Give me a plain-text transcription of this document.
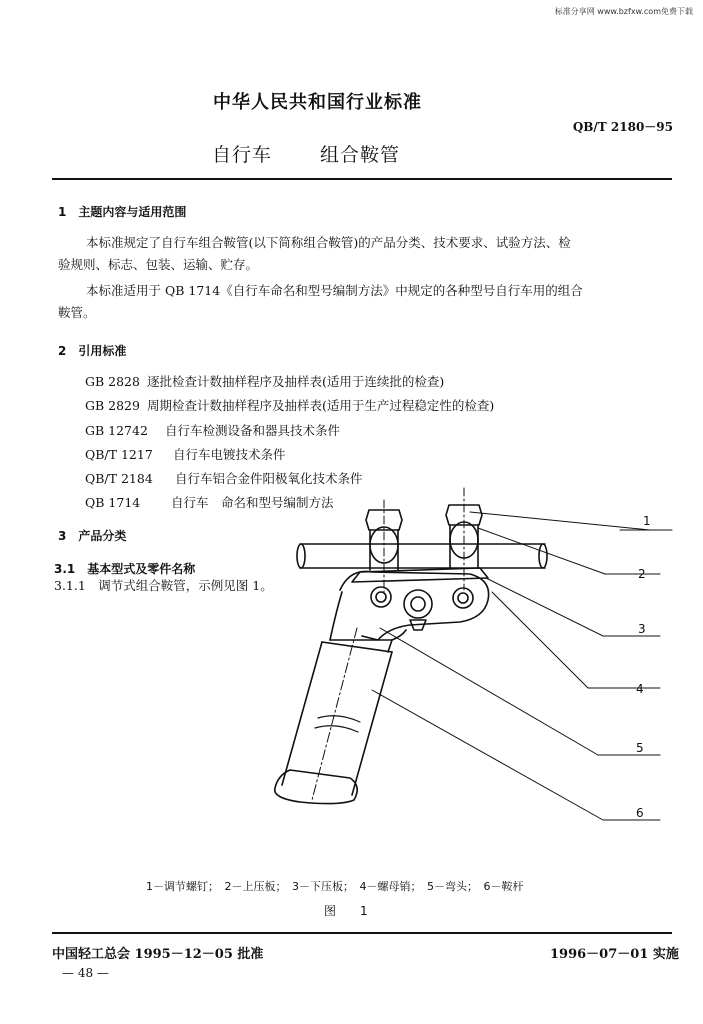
标准分享网 www.bzfxw.com免费下载
中华人民共和国行业标准
QB/T 2180－95
自行车	组合鞍管
1　主题内容与适用范围
本标准规定了自行车组合鞍管(以下简称组合鞍管)的产品分类、技术要求、试验方法、检
验规则、标志、包装、运输、贮存。
本标准适用于 QB 1714《自行车命名和型号编制方法》中规定的各种型号自行车用的组合
鞍管。
2　引用标准
GB 2828 逐批检查计数抽样程序及抽样表(适用于连续批的检查)
GB 2829 周期检查计数抽样程序及抽样表(适用于生产过程稳定性的检查)
GB 12742 自行车检测设备和器具技术条件
QB/T 1217 自行车电镀技术条件
QB/T 2184 自行车铝合金件阳极氧化技术条件
QB 1714 自行车　命名和型号编制方法
3　产品分类
3.1　基本型式及零件名称
3.1.1　调节式组合鞍管，示例见图 1。
1
2
3
4
5
6
1－调节螺钉；　2－上压板；　3－下压板；　4－螺母销；　5－弯头；　6－鞍杆
图　　1
中国轻工总会 1995－12－05 批准	1996－07－01 实施
— 48 —
